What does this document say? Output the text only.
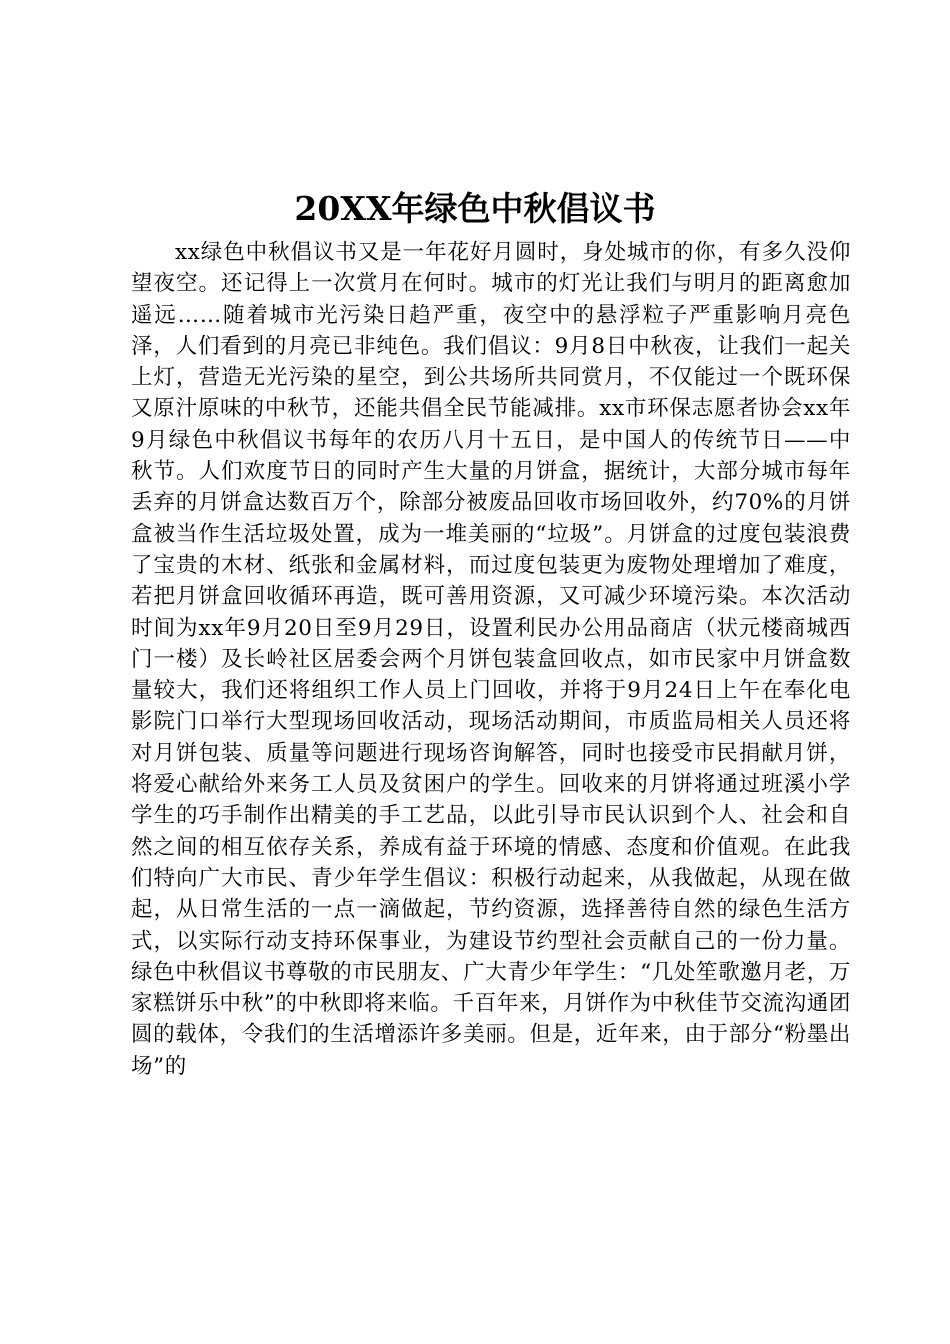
20XX年绿色中秋倡议书

xx绿色中秋倡议书又是一年花好月圆时，身处城市的你，有多久没仰望夜空。还记得上一次赏月在何时。城市的灯光让我们与明月的距离愈加遥远……随着城市光污染日趋严重，夜空中的悬浮粒子严重影响月亮色泽，人们看到的月亮已非纯色。我们倡议：9月8日中秋夜，让我们一起关上灯，营造无光污染的星空，到公共场所共同赏月，不仅能过一个既环保又原汁原味的中秋节，还能共倡全民节能减排。xx市环保志愿者协会xx年9月绿色中秋倡议书每年的农历八月十五日，是中国人的传统节日——中秋节。人们欢度节日的同时产生大量的月饼盒，据统计，大部分城市每年丢弃的月饼盒达数百万个，除部分被废品回收市场回收外，约70%的月饼盒被当作生活垃圾处置，成为一堆美丽的“垃圾”。月饼盒的过度包装浪费了宝贵的木材、纸张和金属材料，而过度包装更为废物处理增加了难度，若把月饼盒回收循环再造，既可善用资源，又可减少环境污染。本次活动时间为xx年9月20日至9月29日，设置利民办公用品商店（状元楼商城西门一楼）及长岭社区居委会两个月饼包装盒回收点，如市民家中月饼盒数量较大，我们还将组织工作人员上门回收，并将于9月24日上午在奉化电影院门口举行大型现场回收活动，现场活动期间，市质监局相关人员还将对月饼包装、质量等问题进行现场咨询解答，同时也接受市民捐献月饼，将爱心献给外来务工人员及贫困户的学生。回收来的月饼将通过班溪小学学生的巧手制作出精美的手工艺品，以此引导市民认识到个人、社会和自然之间的相互依存关系，养成有益于环境的情感、态度和价值观。在此我们特向广大市民、青少年学生倡议：积极行动起来，从我做起，从现在做起，从日常生活的一点一滴做起，节约资源，选择善待自然的绿色生活方式，以实际行动支持环保事业，为建设节约型社会贡献自己的一份力量。绿色中秋倡议书尊敬的市民朋友、广大青少年学生：“几处笙歌邀月老，万家糕饼乐中秋”的中秋即将来临。千百年来，月饼作为中秋佳节交流沟通团圆的载体，令我们的生活增添许多美丽。但是，近年来，由于部分“粉墨出场”的
